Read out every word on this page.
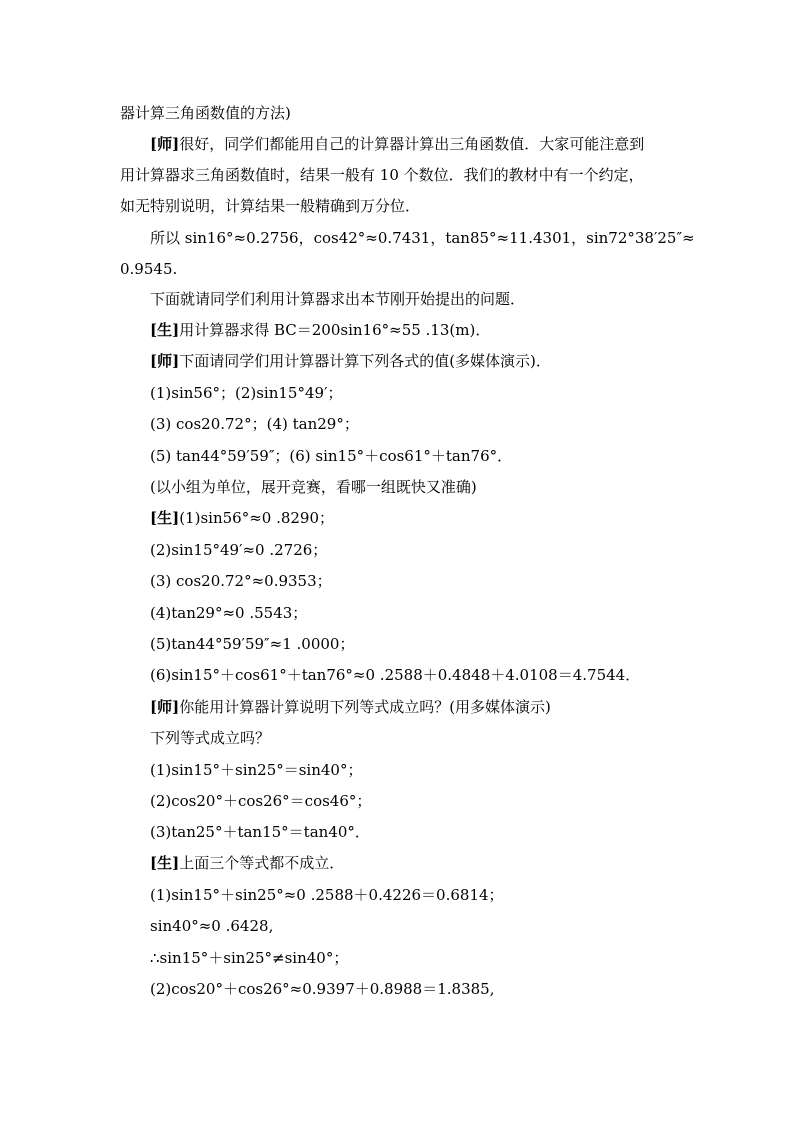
器计算三角函数值的方法)
[师]很好，同学们都能用自己的计算器计算出三角函数值．大家可能注意到
用计算器求三角函数值时，结果一般有 10 个数位．我们的教材中有一个约定，
如无特别说明，计算结果一般精确到万分位．
所以 sin16°≈0.2756，cos42°≈0.7431，tan85°≈11.4301，sin72°38′25″≈
0.9545.
下面就请同学们利用计算器求出本节刚开始提出的问题．
[生]用计算器求得 BC＝200sin16°≈55 .13(m)．
[师]下面请同学们用计算器计算下列各式的值(多媒体演示)．
(1)sin56°；(2)sin15°49′；
(3) cos20.72°；(4) tan29°；
(5) tan44°59′59″；(6) sin15°＋cos61°＋tan76°．
(以小组为单位，展开竞赛，看哪一组既快又准确)
[生](1)sin56°≈0 .8290；
(2)sin15°49′≈0 .2726；
(3) cos20.72°≈0.9353；
(4)tan29°≈0 .5543；
(5)tan44°59′59″≈1 .0000；
(6)sin15°＋cos61°＋tan76°≈0 .2588＋0.4848＋4.0108＝4.7544．
[师]你能用计算器计算说明下列等式成立吗？(用多媒体演示)
下列等式成立吗？
(1)sin15°＋sin25°＝sin40°；
(2)cos20°＋cos26°＝cos46°；
(3)tan25°＋tan15°＝tan40°．
[生]上面三个等式都不成立．
(1)sin15°＋sin25°≈0 .2588＋0.4226＝0.6814；
sin40°≈0 .6428,
∴sin15°＋sin25°≠sin40°；
(2)cos20°＋cos26°≈0.9397＋0.8988＝1.8385,
